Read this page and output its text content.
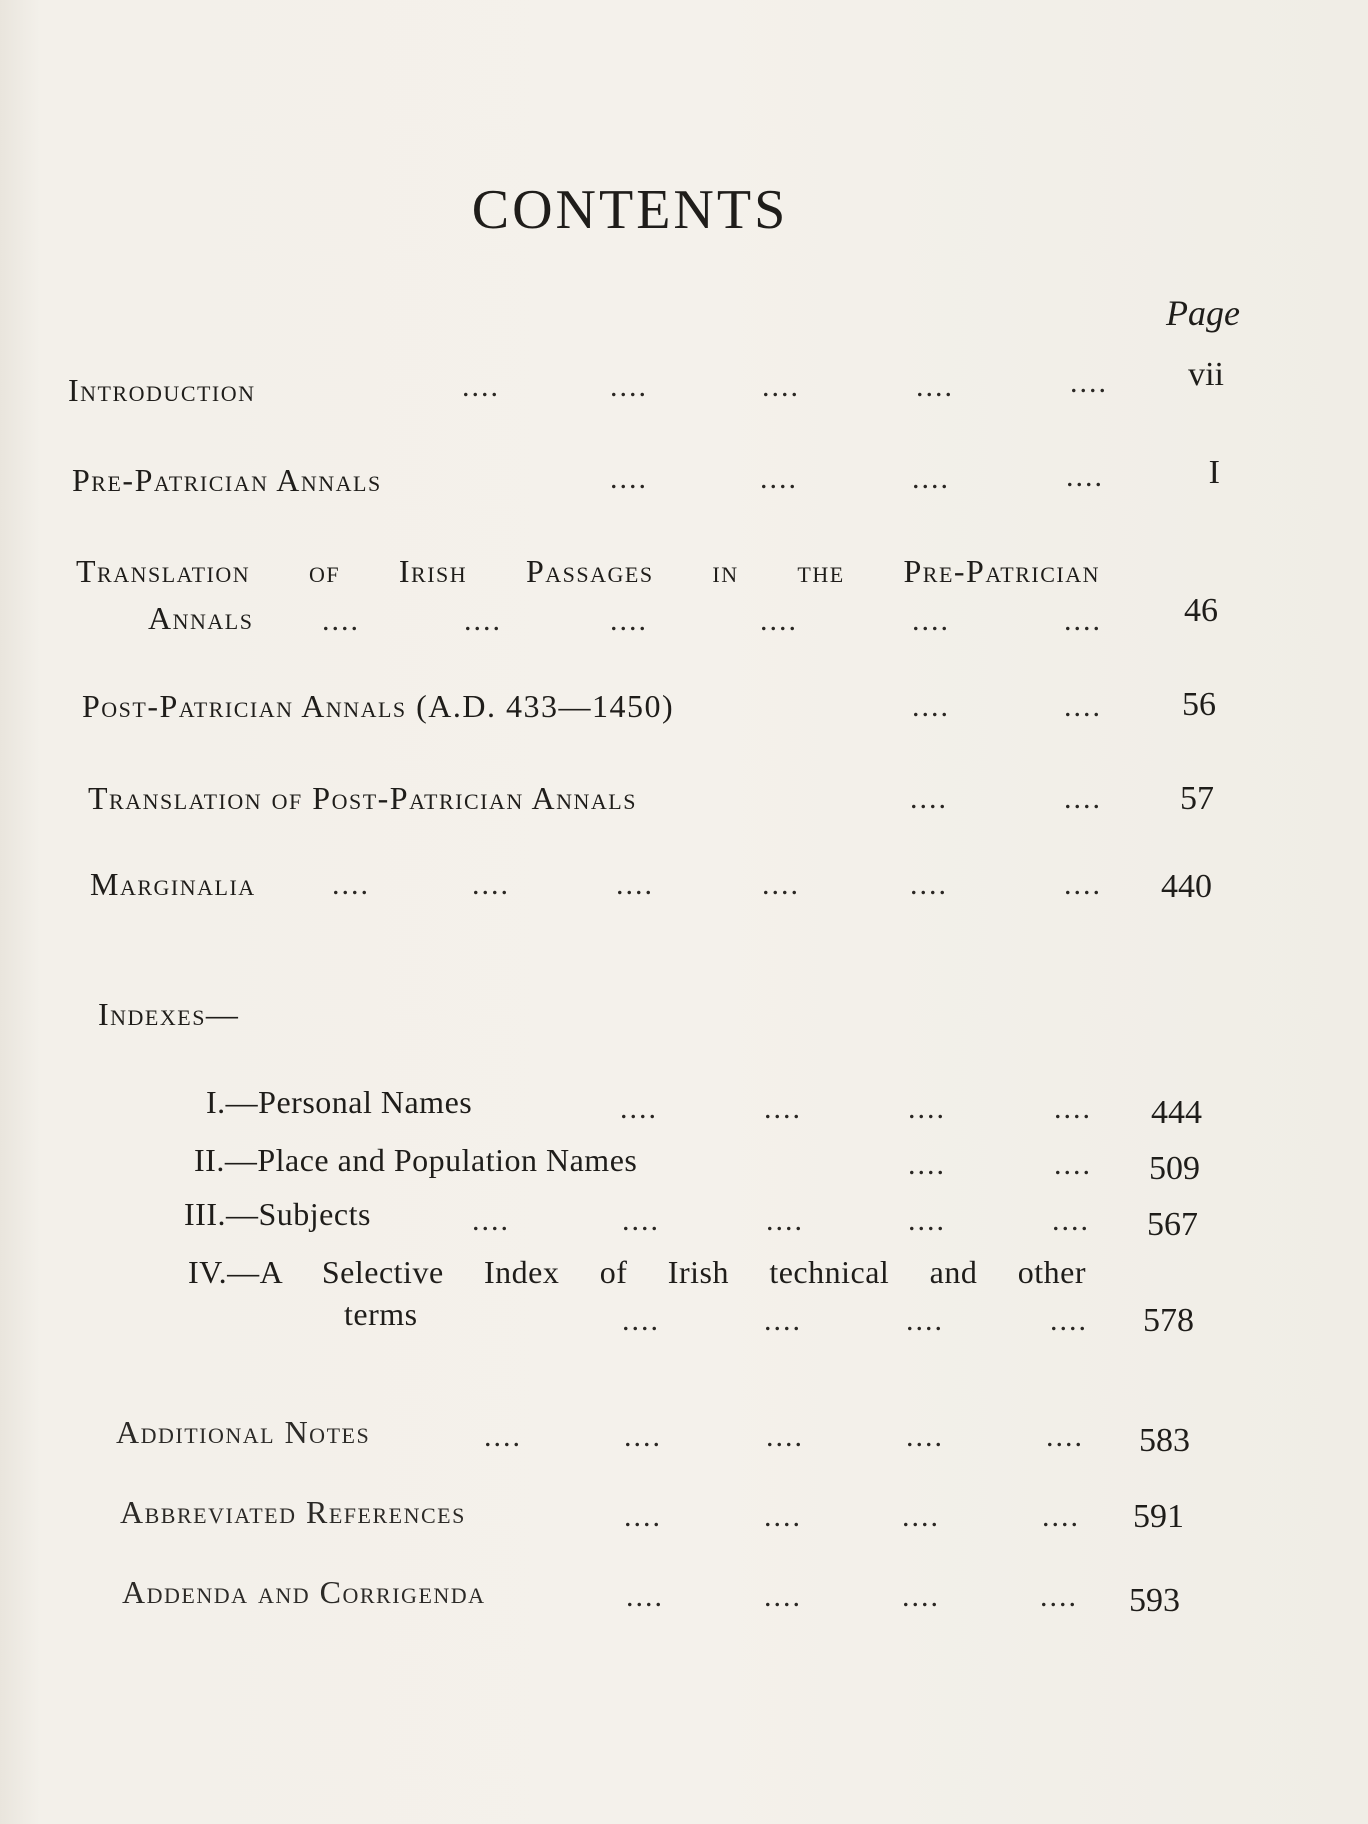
CONTENTS
Page
Introduction	....	....	....	....	....	vii
Pre-Patrician Annals	....	....	....	....	I
Translation of Irish Passages in the Pre-Patrician
Annals ....	....	....	....	....	....	46
Post-Patrician Annals (A.D. 433—1450)	....	....	56
Translation of Post-Patrician Annals	....	....	57
Marginalia	....	....	....	....	....	....	440
Indexes—
I.—Personal Names	....	....	....	....	444
II.—Place and Population Names	....	....	509
III.—Subjects	....	....	....	....	....	567
IV.—A Selective Index of Irish technical and other
terms	....	....	....	....	578
Additional Notes	....	....	....	....	....	583
Abbreviated References	....	....	....	....	591
Addenda and Corrigenda	....	....	....	....	593
